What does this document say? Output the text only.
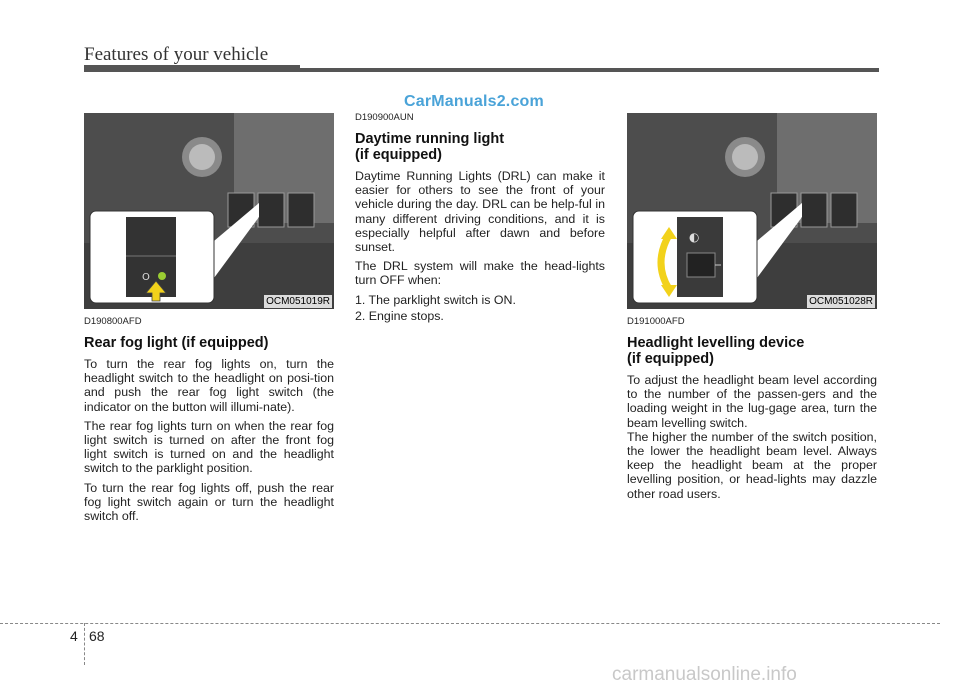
Features of your vehicle
CarManuals2.com
O
OCM051019R
D190800AFD
Rear fog light (if equipped)

To turn the rear fog lights on, turn the headlight switch to the headlight on posi-tion and push the rear fog light switch (the indicator on the button will illumi-nate).

The rear fog lights turn on when the rear fog light switch is turned on after the front fog light switch is turned on and the headlight switch to the parklight position.

To turn the rear fog lights off, push the rear fog light switch again or turn the headlight switch off.

D190900AUN
Daytime running light
(if equipped)

Daytime Running Lights (DRL) can make it easier for others to see the front of your vehicle during the day. DRL can be help-ful in many different driving conditions, and it is especially helpful after dawn and before sunset.

The DRL system will make the head-lights turn OFF when:

1. The parklight switch is ON.

2. Engine stops.

◐
OCM051028R
D191000AFD
Headlight levelling device
(if equipped)

To adjust the headlight beam level according to the number of the passen-gers and the loading weight in the lug-gage area, turn the beam levelling switch.

The higher the number of the switch position, the lower the headlight beam level. Always keep the headlight beam at the proper levelling position, or head-lights may dazzle other road users.

4 68
carmanualsonline.info
